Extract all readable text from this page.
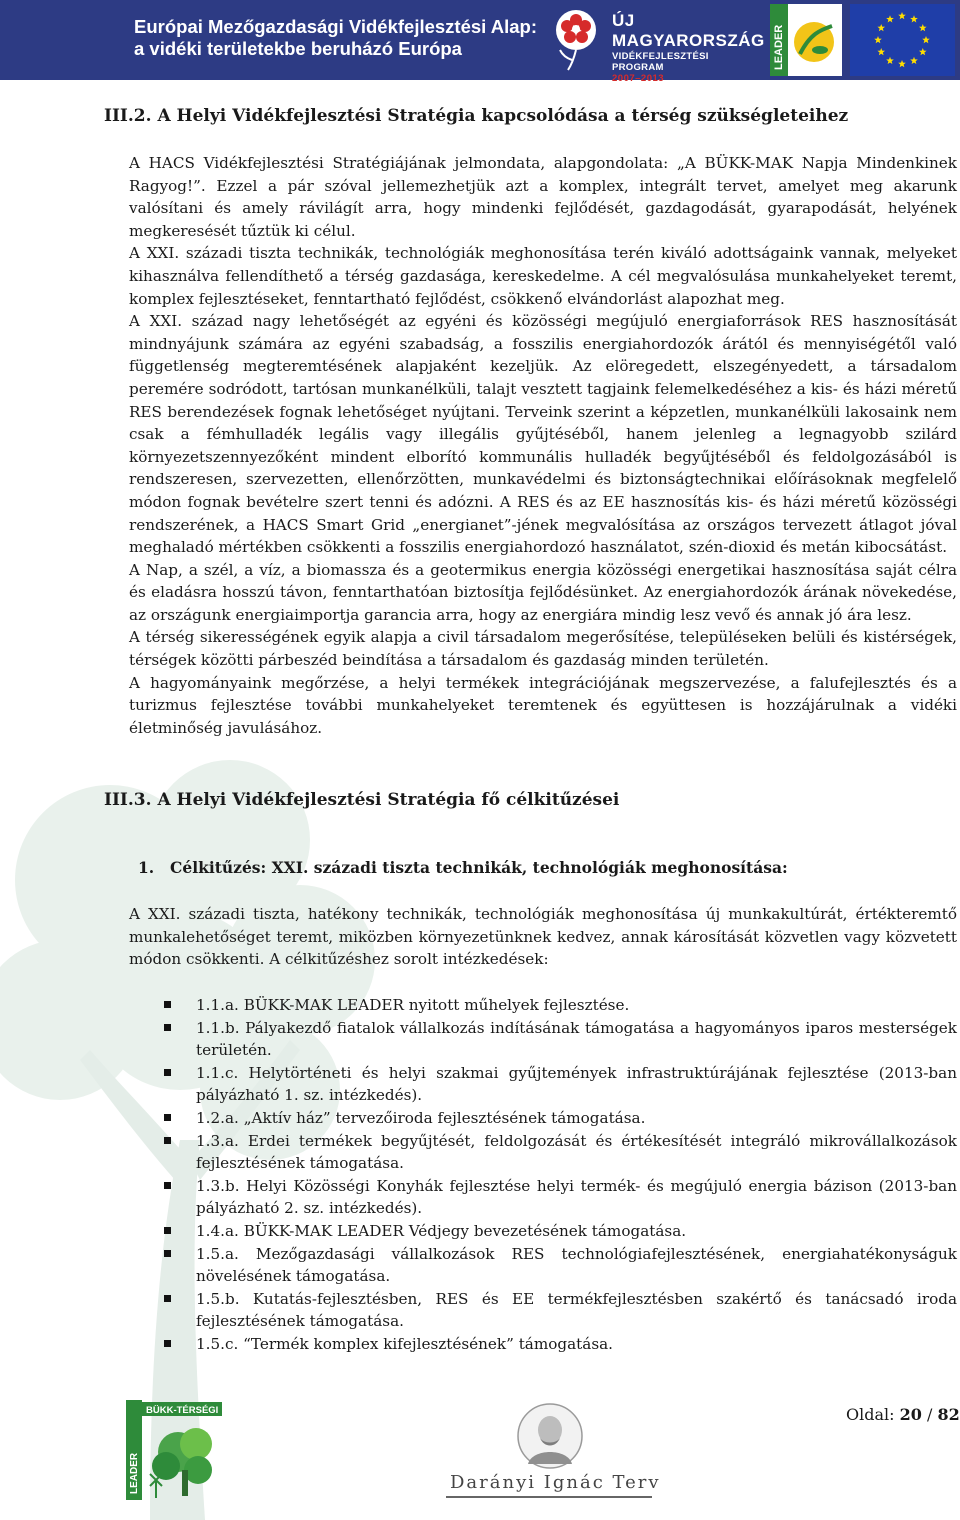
Európai Mezőgazdasági Vidékfejlesztési Alap:
a vidéki területekbe beruházó Európa
ÚJ MAGYARORSZÁG
VIDÉKFEJLESZTÉSI PROGRAM
2007–2013
LEADER
III.2. A Helyi Vidékfejlesztési Stratégia kapcsolódása a térség szükségleteihez

A HACS Vidékfejlesztési Stratégiájának jelmondata, alapgondolata: „A BÜKK-MAK Napja Mindenkinek Ragyog!”. Ezzel a pár szóval jellemezhetjük azt a komplex, integrált tervet, amelyet meg akarunk valósítani és amely rávilágít arra, hogy mindenki fejlődését, gazdagodását, gyarapodását, helyének megkeresését tűztük ki célul.

A XXI. századi tiszta technikák, technológiák meghonosítása terén kiváló adottságaink vannak, melyeket kihasználva fellendíthető a térség gazdasága, kereskedelme. A cél megvalósulása munkahelyeket teremt, komplex fejlesztéseket, fenntartható fejlődést, csökkenő elvándorlást alapozhat meg.

A XXI. század nagy lehetőségét az egyéni és közösségi megújuló energiaforrások RES hasznosítását mindnyájunk számára az egyéni szabadság, a fosszilis energiahordozók árától és mennyiségétől való függetlenség megteremtésének alapjaként kezeljük. Az elöregedett, elszegényedett, a társadalom peremére sodródott, tartósan munkanélküli, talajt vesztett tagjaink felemelkedéséhez a kis- és házi méretű RES berendezések fognak lehetőséget nyújtani. Terveink szerint a képzetlen, munkanélküli lakosaink nem csak a fémhulladék legális vagy illegális gyűjtéséből, hanem jelenleg a legnagyobb szilárd környezetszennyezőként mindent elborító kommunális hulladék begyűjtéséből és feldolgozásából is rendszeresen, szervezetten, ellenőrzötten, munkavédelmi és biztonságtechnikai előírásoknak megfelelő módon fognak bevételre szert tenni és adózni. A RES és az EE hasznosítás kis- és házi méretű közösségi rendszerének, a HACS Smart Grid „energianet”-jének megvalósítása az országos tervezett átlagot jóval meghaladó mértékben csökkenti a fosszilis energiahordozó használatot, szén-dioxid és metán kibocsátást.

A Nap, a szél, a víz, a biomassza és a geotermikus energia közösségi energetikai hasznosítása saját célra és eladásra hosszú távon, fenntarthatóan biztosítja fejlődésünket. Az energiahordozók árának növekedése, az országunk energiaimportja garancia arra, hogy az energiára mindig lesz vevő és annak jó ára lesz.

A térség sikerességének egyik alapja a civil társadalom megerősítése, településeken belüli és kistérségek, térségek közötti párbeszéd beindítása a társadalom és gazdaság minden területén.

A hagyományaink megőrzése, a helyi termékek integrációjának megszervezése, a falufejlesztés és a turizmus fejlesztése további munkahelyeket teremtenek és együttesen is hozzájárulnak a vidéki életminőség javulásához.

III.3. A Helyi Vidékfejlesztési Stratégia fő célkitűzései
1. Célkitűzés: XXI. századi tiszta technikák, technológiák meghonosítása:

A XXI. századi tiszta, hatékony technikák, technológiák meghonosítása új munkakultúrát, értékteremtő munkalehetőséget teremt, miközben környezetünknek kedvez, annak károsítását közvetlen vagy közvetett módon csökkenti. A célkitűzéshez sorolt intézkedések:

1.1.a. BÜKK-MAK LEADER nyitott műhelyek fejlesztése.
1.1.b. Pályakezdő fiatalok vállalkozás indításának támogatása a hagyományos iparos mesterségek területén.
1.1.c. Helytörténeti és helyi szakmai gyűjtemények infrastruktúrájának fejlesztése (2013-ban pályázható 1. sz. intézkedés).
1.2.a. „Aktív ház” tervezőiroda fejlesztésének támogatása.
1.3.a. Erdei termékek begyűjtését, feldolgozását és értékesítését integráló mikrovállalkozások fejlesztésének támogatása.
1.3.b. Helyi Közösségi Konyhák fejlesztése helyi termék- és megújuló energia bázison (2013-ban pályázható 2. sz. intézkedés).
1.4.a. BÜKK-MAK LEADER Védjegy bevezetésének támogatása.
1.5.a. Mezőgazdasági vállalkozások RES technológiafejlesztésének, energiahatékonyságuk növelésének támogatása.
1.5.b. Kutatás-fejlesztésben, RES és EE termékfejlesztésben szakértő és tanácsadó iroda fejlesztésének támogatása.
1.5.c. “Termék komplex kifejlesztésének” támogatása.
LEADER
BÜKK-TÉRSÉGI
Darányi Ignác Terv
Oldal: 20 / 82
